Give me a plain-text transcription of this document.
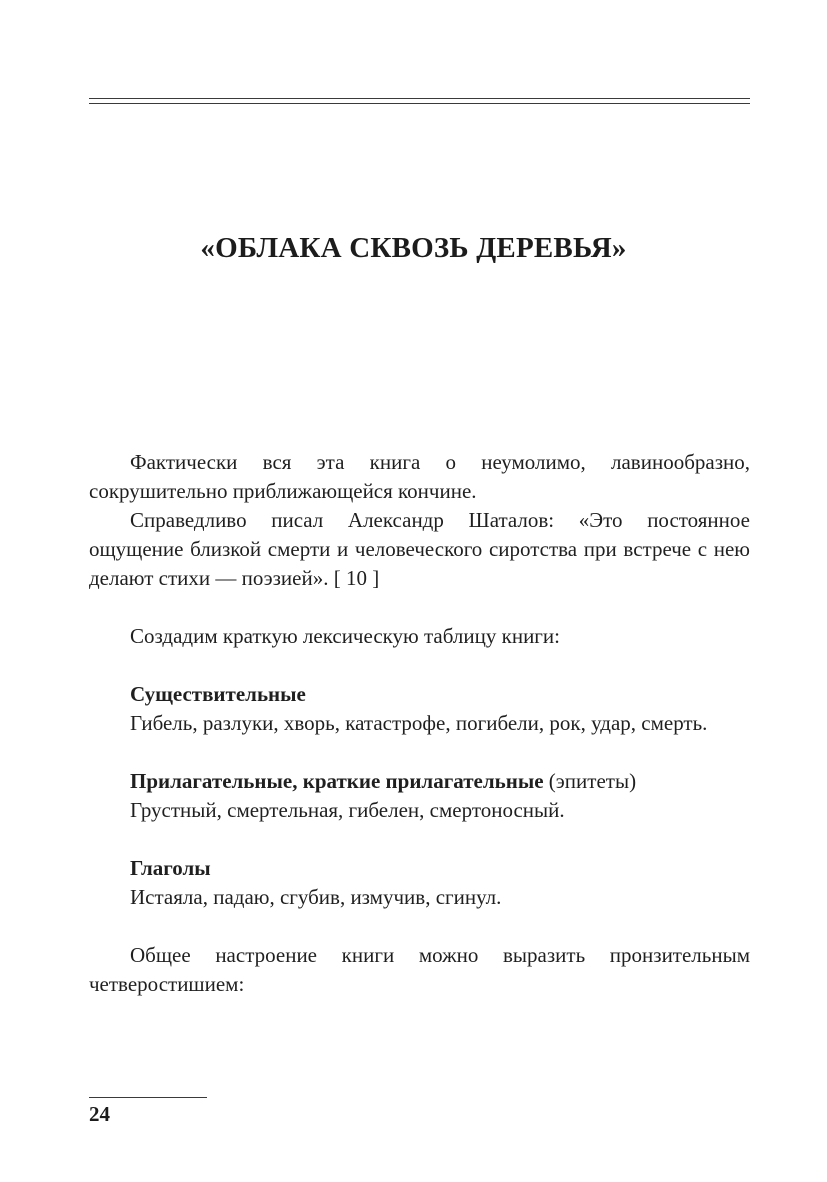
«ОБЛАКА СКВОЗЬ ДЕРЕВЬЯ»

Фактически вся эта книга о неумолимо, лавинообразно, сокрушительно приближающейся кончине.

Справедливо писал Александр Шаталов: «Это постоянное ощущение близкой смерти и человеческого сиротства при встрече с нею делают стихи — поэзией». [ 10 ]

Создадим краткую лексическую таблицу книги:

Существительные

Гибель, разлуки, хворь, катастрофе, погибели, рок, удар, смерть.

Прилагательные, краткие прилагательные (эпитеты)

Грустный, смертельная, гибелен, смертоносный.

Глаголы

Истаяла, падаю, сгубив, измучив, сгинул.

Общее настроение книги можно выразить пронзительным четверостишием:

24
